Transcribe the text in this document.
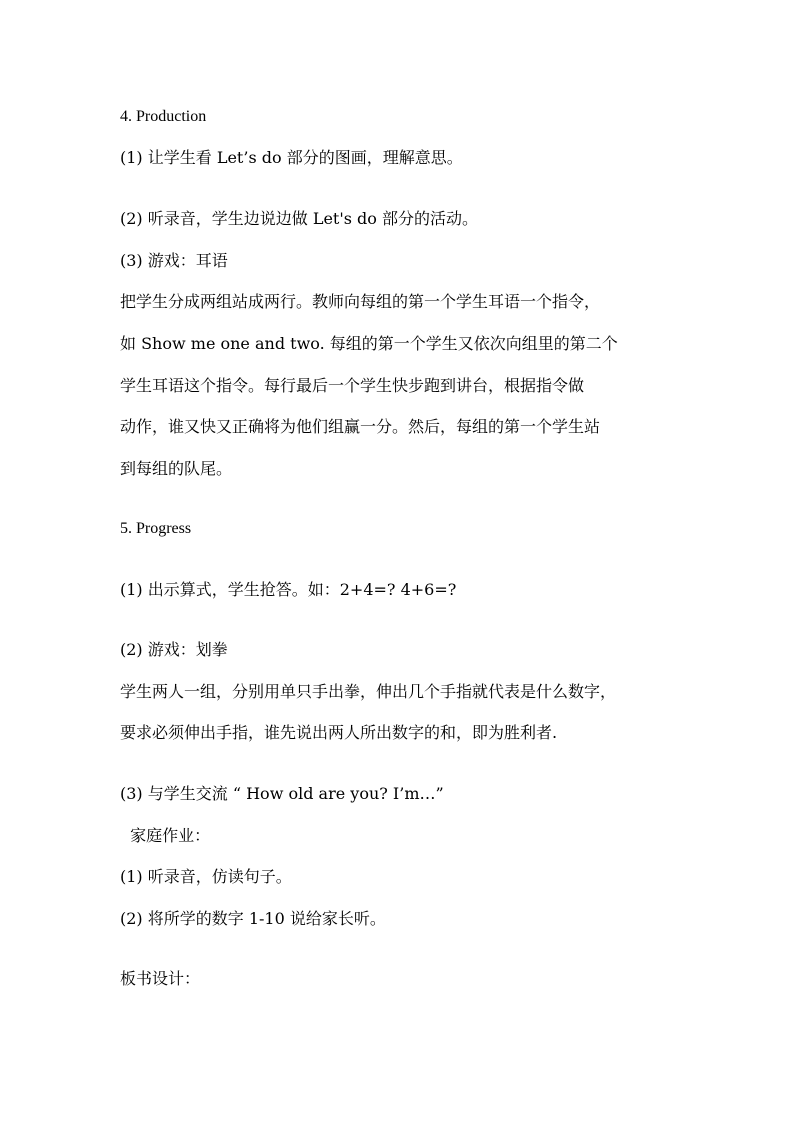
4. Production

(1) 让学生看 Let’s do 部分的图画，理解意思。

(2) 听录音，学生边说边做 Let's do 部分的活动。

(3) 游戏：耳语

把学生分成两组站成两行。教师向每组的第一个学生耳语一个指令，

如 Show me one and two. 每组的第一个学生又依次向组里的第二个

学生耳语这个指令。每行最后一个学生快步跑到讲台，根据指令做

动作，谁又快又正确将为他们组赢一分。然后，每组的第一个学生站

到每组的队尾。

5. Progress

(1) 出示算式，学生抢答。如：2+4=? 4+6=?

(2) 游戏：划拳

学生两人一组，分别用单只手出拳，伸出几个手指就代表是什么数字，

要求必须伸出手指，谁先说出两人所出数字的和，即为胜利者.

(3) 与学生交流 “ How old are you? I’m…”

家庭作业：

(1) 听录音，仿读句子。

(2) 将所学的数字 1-10 说给家长听。

板书设计：
